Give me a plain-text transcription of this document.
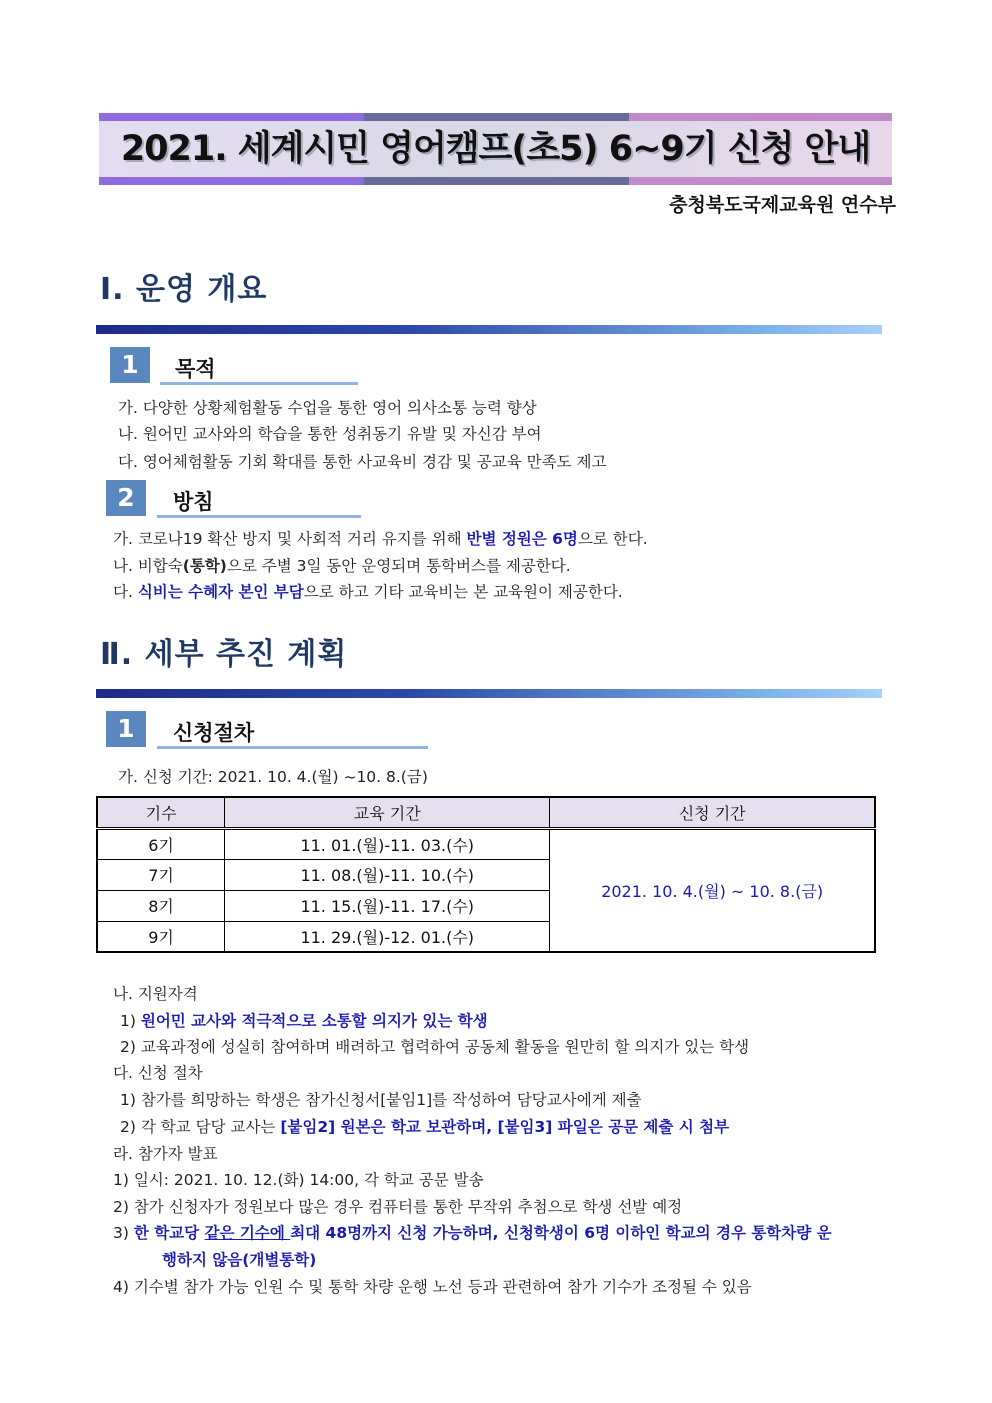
2021. 세계시민 영어캠프(초5) 6~9기 신청 안내
충청북도국제교육원 연수부
Ⅰ. 운영 개요
1	목적
가. 다양한 상황체험활동 수업을 통한 영어 의사소통 능력 향상
나. 원어민 교사와의 학습을 통한 성취동기 유발 및 자신감 부여
다. 영어체험활동 기회 확대를 통한 사교육비 경감 및 공교육 만족도 제고
2	방침
가. 코로나19 확산 방지 및 사회적 거리 유지를 위해 반별 정원은 6명으로 한다.
나. 비합숙(통학)으로 주별 3일 동안 운영되며 통학버스를 제공한다.
다. 식비는 수혜자 본인 부담으로 하고 기타 교육비는 본 교육원이 제공한다.
Ⅱ. 세부 추진 계획
1	신청절차
가. 신청 기간: 2021. 10. 4.(월) ~10. 8.(금)
기수	교육 기간	신청 기간
6기	11. 01.(월)-11. 03.(수)	2021. 10. 4.(월) ~ 10. 8.(금)
7기	11. 08.(월)-11. 10.(수)	
8기	11. 15.(월)-11. 17.(수)	
9기	11. 29.(월)-12. 01.(수)	
나. 지원자격
1) 원어민 교사와 적극적으로 소통할 의지가 있는 학생
2) 교육과정에 성실히 참여하며 배려하고 협력하여 공동체 활동을 원만히 할 의지가 있는 학생
다. 신청 절차
1) 참가를 희망하는 학생은 참가신청서[붙임1]를 작성하여 담당교사에게 제출
2) 각 학교 담당 교사는 [붙임2] 원본은 학교 보관하며, [붙임3] 파일은 공문 제출 시 첨부
라. 참가자 발표
1) 일시: 2021. 10. 12.(화) 14:00, 각 학교 공문 발송
2) 참가 신청자가 정원보다 많은 경우 컴퓨터를 통한 무작위 추첨으로 학생 선발 예정
3) 한 학교당 같은 기수에 최대 48명까지 신청 가능하며, 신청학생이 6명 이하인 학교의 경우 통학차량 운
행하지 않음(개별통학)
4) 기수별 참가 가능 인원 수 및 통학 차량 운행 노선 등과 관련하여 참가 기수가 조정될 수 있음
